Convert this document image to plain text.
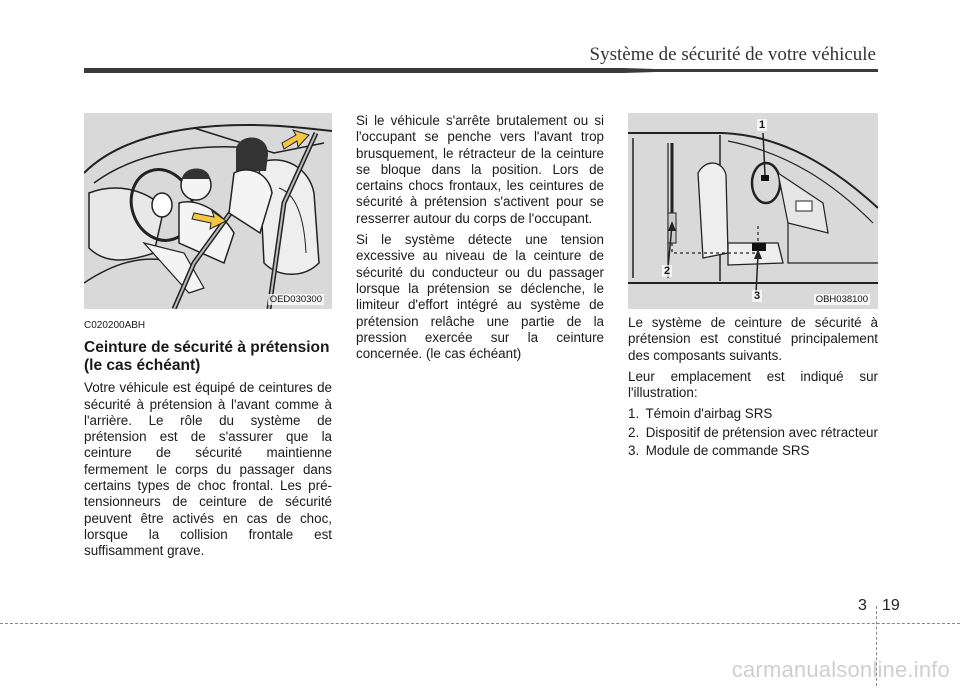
Système de sécurité de votre véhicule
OED030300
1
2
3	OBH038100

C020200ABH

Ceinture de sécurité à prétension (le cas échéant)

Votre véhicule est équipé de ceintures de sécurité à prétension à l'avant comme à l'arrière. Le rôle du système de prétension est de s'assurer que la ceinture de sécurité maintienne fermement le corps du passager dans certains types de choc frontal. Les pré-tensionneurs de ceinture de sécurité peuvent être activés en cas de choc, lorsque la collision frontale est suffisamment grave.

Si le véhicule s'arrête brutalement ou si l'occupant se penche vers l'avant trop brusquement, le rétracteur de la ceinture se bloque dans la position. Lors de certains chocs frontaux, les ceintures de sécurité à prétension s'activent pour se resserrer autour du corps de l'occupant.

Si le système détecte une tension excessive au niveau de la ceinture de sécurité du conducteur ou du passager lorsque la prétension se déclenche, le limiteur d'effort intégré au système de prétension relâche une partie de la pression exercée sur la ceinture concernée. (le cas échéant)

Le système de ceinture de sécurité à prétension est constitué principalement des composants suivants.

Leur emplacement est indiqué sur l'illustration:

1. Témoin d'airbag SRS
2. Dispositif de prétension avec rétracteur
3. Module de commande SRS
3 19
carmanualsonline.info
